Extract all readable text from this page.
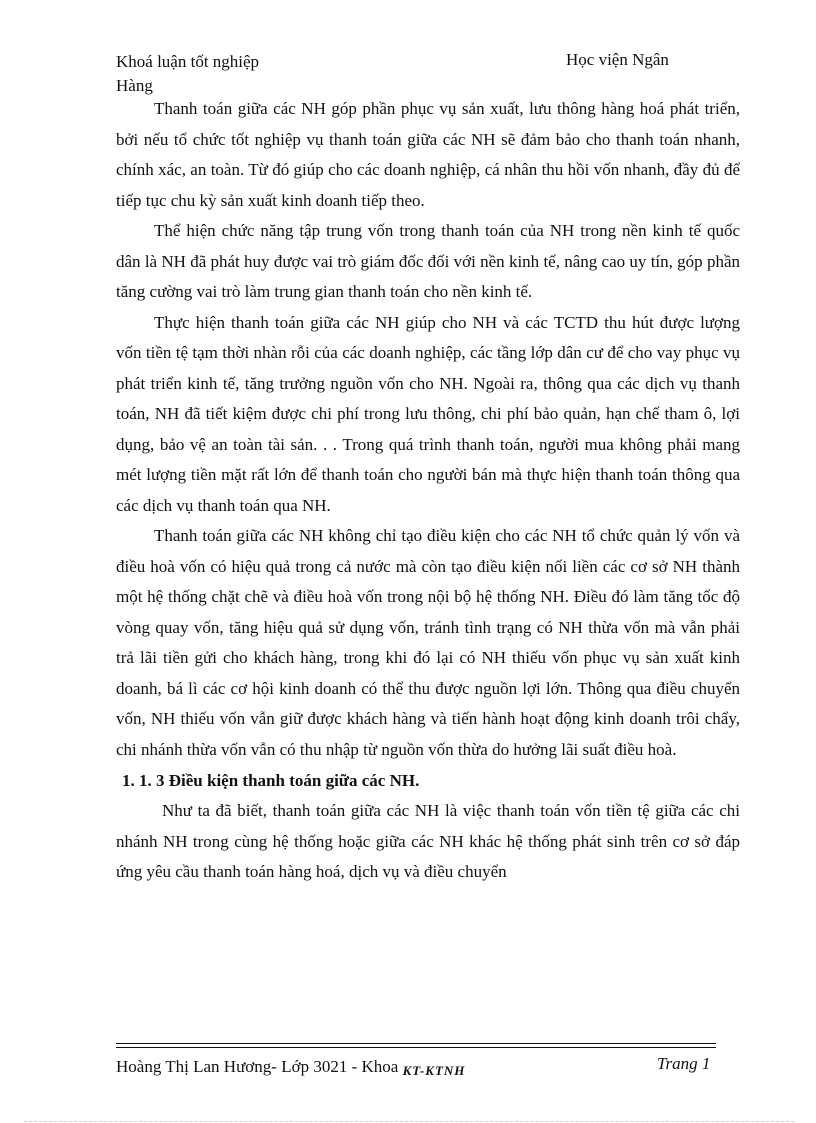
Khoá luận tốt nghiệp
Hàng
Học viện Ngân

Thanh toán giữa các NH góp phần phục vụ sản xuất, lưu thông hàng hoá phát triển, bởi nếu tổ chức tốt nghiệp vụ thanh toán giữa các NH sẽ đảm bảo cho thanh toán nhanh, chính xác, an toàn. Từ đó giúp cho các doanh nghiệp, cá nhân thu hồi vốn nhanh, đầy đủ để tiếp tục chu kỳ sản xuất kinh doanh tiếp theo.

Thể hiện chức năng tập trung vốn trong thanh toán của NH trong nền kinh tế quốc dân là NH đã phát huy được vai trò giám đốc đối với nền kinh tế, nâng cao uy tín, góp phần tăng cường vai trò làm trung gian thanh toán cho nền kinh tế.

Thực hiện thanh toán giữa các NH giúp cho NH và các TCTD thu hút được lượng vốn tiền tệ tạm thời nhàn rỗi của các doanh nghiệp, các tầng lớp dân cư để cho vay phục vụ phát triển kinh tế, tăng trưởng nguồn vốn cho NH. Ngoài ra, thông qua các dịch vụ thanh toán, NH đã tiết kiệm được chi phí trong lưu thông, chi phí bảo quản, hạn chế tham ô, lợi dụng, bảo vệ an toàn tài sản. . . Trong quá trình thanh toán, người mua không phải mang mét lượng tiền mặt rất lớn để thanh toán cho người bán mà thực hiện thanh toán thông qua các dịch vụ thanh toán qua NH.

Thanh toán giữa các NH không chỉ tạo điều kiện cho các NH tổ chức quản lý vốn và điều hoà vốn có hiệu quả trong cả nước mà còn tạo điều kiện nối liền các cơ sở NH thành một hệ thống chặt chẽ và điều hoà vốn trong nội bộ hệ thống NH. Điều đó làm tăng tốc độ vòng quay vốn, tăng hiệu quả sử dụng vốn, tránh tình trạng có NH thừa vốn mà vẫn phải trả lãi tiền gửi cho khách hàng, trong khi đó lại có NH thiếu vốn phục vụ sản xuất kinh doanh, bá lì các cơ hội kinh doanh có thể thu được nguồn lợi lớn. Thông qua điều chuyển vốn, NH thiếu vốn vẫn giữ được khách hàng và tiến hành hoạt động kinh doanh trôi chẩy, chi nhánh thừa vốn vẫn có thu nhập từ nguồn vốn thừa do hưởng lãi suất điều hoà.

1. 1. 3 Điều kiện thanh toán giữa các NH.

Như ta đã biết, thanh toán giữa các NH là việc thanh toán vốn tiền tệ giữa các chi nhánh NH trong cùng hệ thống hoặc giữa các NH khác hệ thống phát sinh trên cơ sở đáp ứng yêu cầu thanh toán hàng hoá, dịch vụ và điều chuyển

Hoàng Thị Lan Hương- Lớp 3021 - Khoa KT-KTNH	Trang 1
